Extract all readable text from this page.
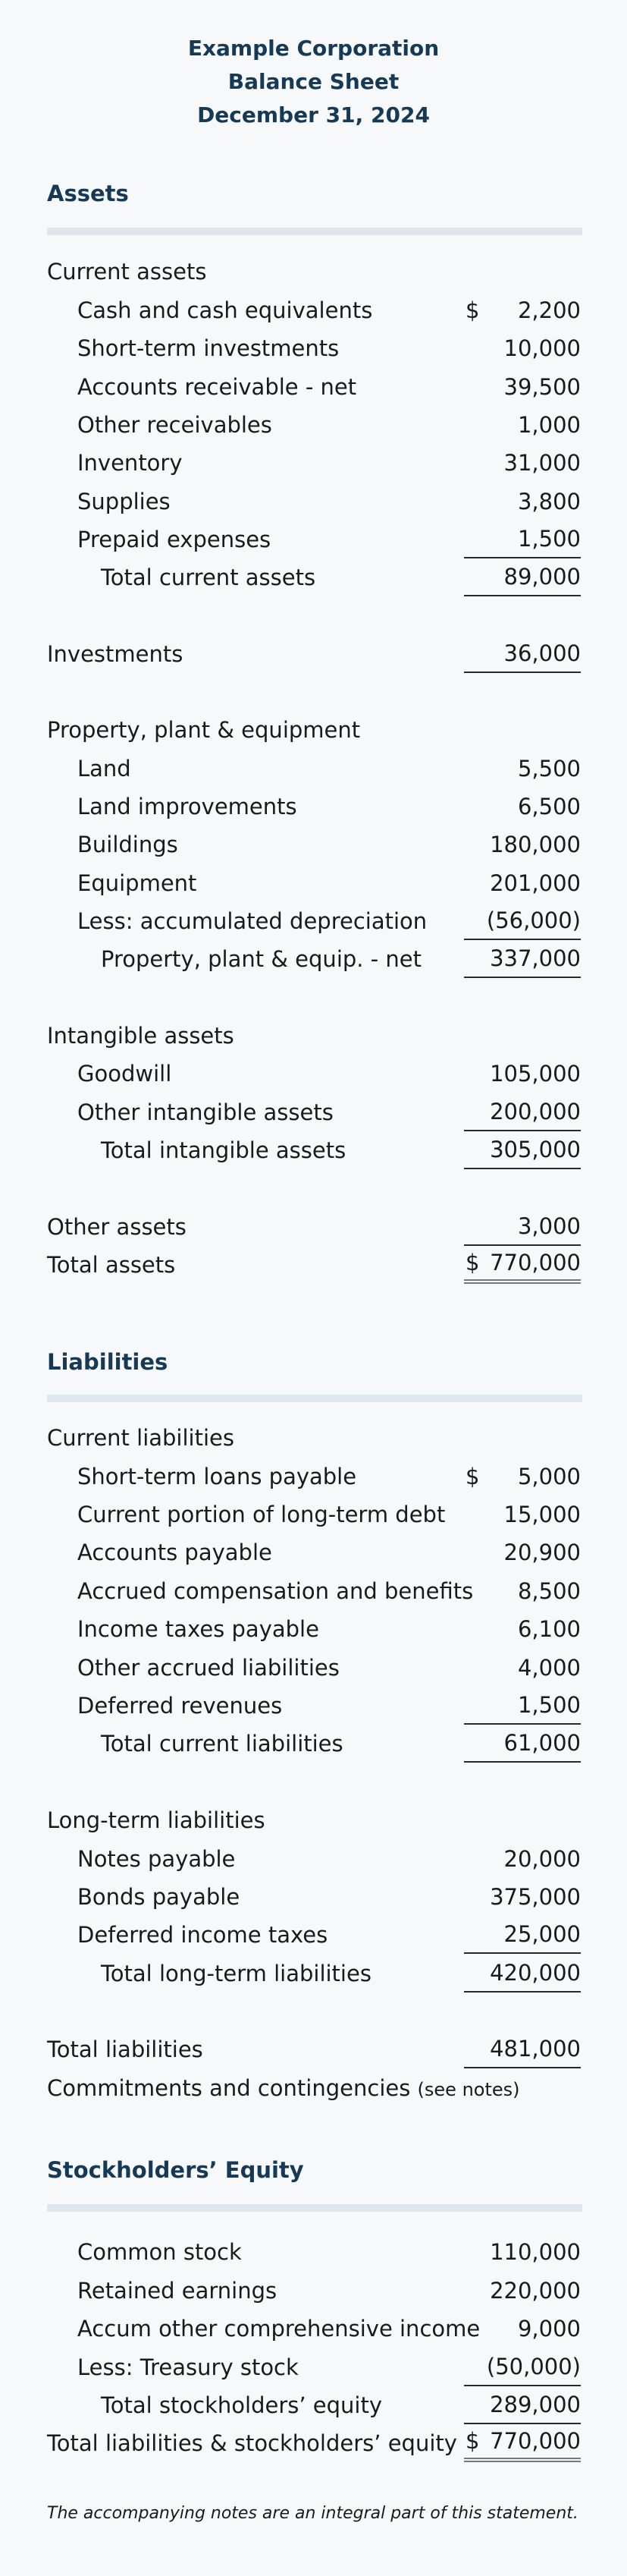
Example Corporation
Balance Sheet
December 31, 2024
Assets
Current assets
Cash and cash equivalents	$ 2,200
Short-term investments	10,000
Accounts receivable - net	39,500
Other receivables	1,000
Inventory	31,000
Supplies	3,800
Prepaid expenses	1,500
Total current assets	89,000
Investments	36,000
Property, plant & equipment
Land	5,500
Land improvements	6,500
Buildings	180,000
Equipment	201,000
Less: accumulated depreciation	(56,000)
Property, plant & equip. - net	337,000
Intangible assets
Goodwill	105,000
Other intangible assets	200,000
Total intangible assets	305,000
Other assets	3,000
Total assets	$ 770,000
Liabilities
Current liabilities
Short-term loans payable	$ 5,000
Current portion of long-term debt	15,000
Accounts payable	20,900
Accrued compensation and benefits 8,500
Income taxes payable	6,100
Other accrued liabilities	4,000
Deferred revenues	1,500
Total current liabilities	61,000
Long-term liabilities
Notes payable	20,000
Bonds payable	375,000
Deferred income taxes	25,000
Total long-term liabilities	420,000
Total liabilities	481,000
Commitments and contingencies (see notes)
Stockholders’ Equity
Common stock	110,000
Retained earnings	220,000
Accum other comprehensive income 9,000
Less: Treasury stock	(50,000)
Total stockholders’ equity	289,000
Total liabilities & stockholders’ equity $ 770,000
The accompanying notes are an integral part of this statement.
